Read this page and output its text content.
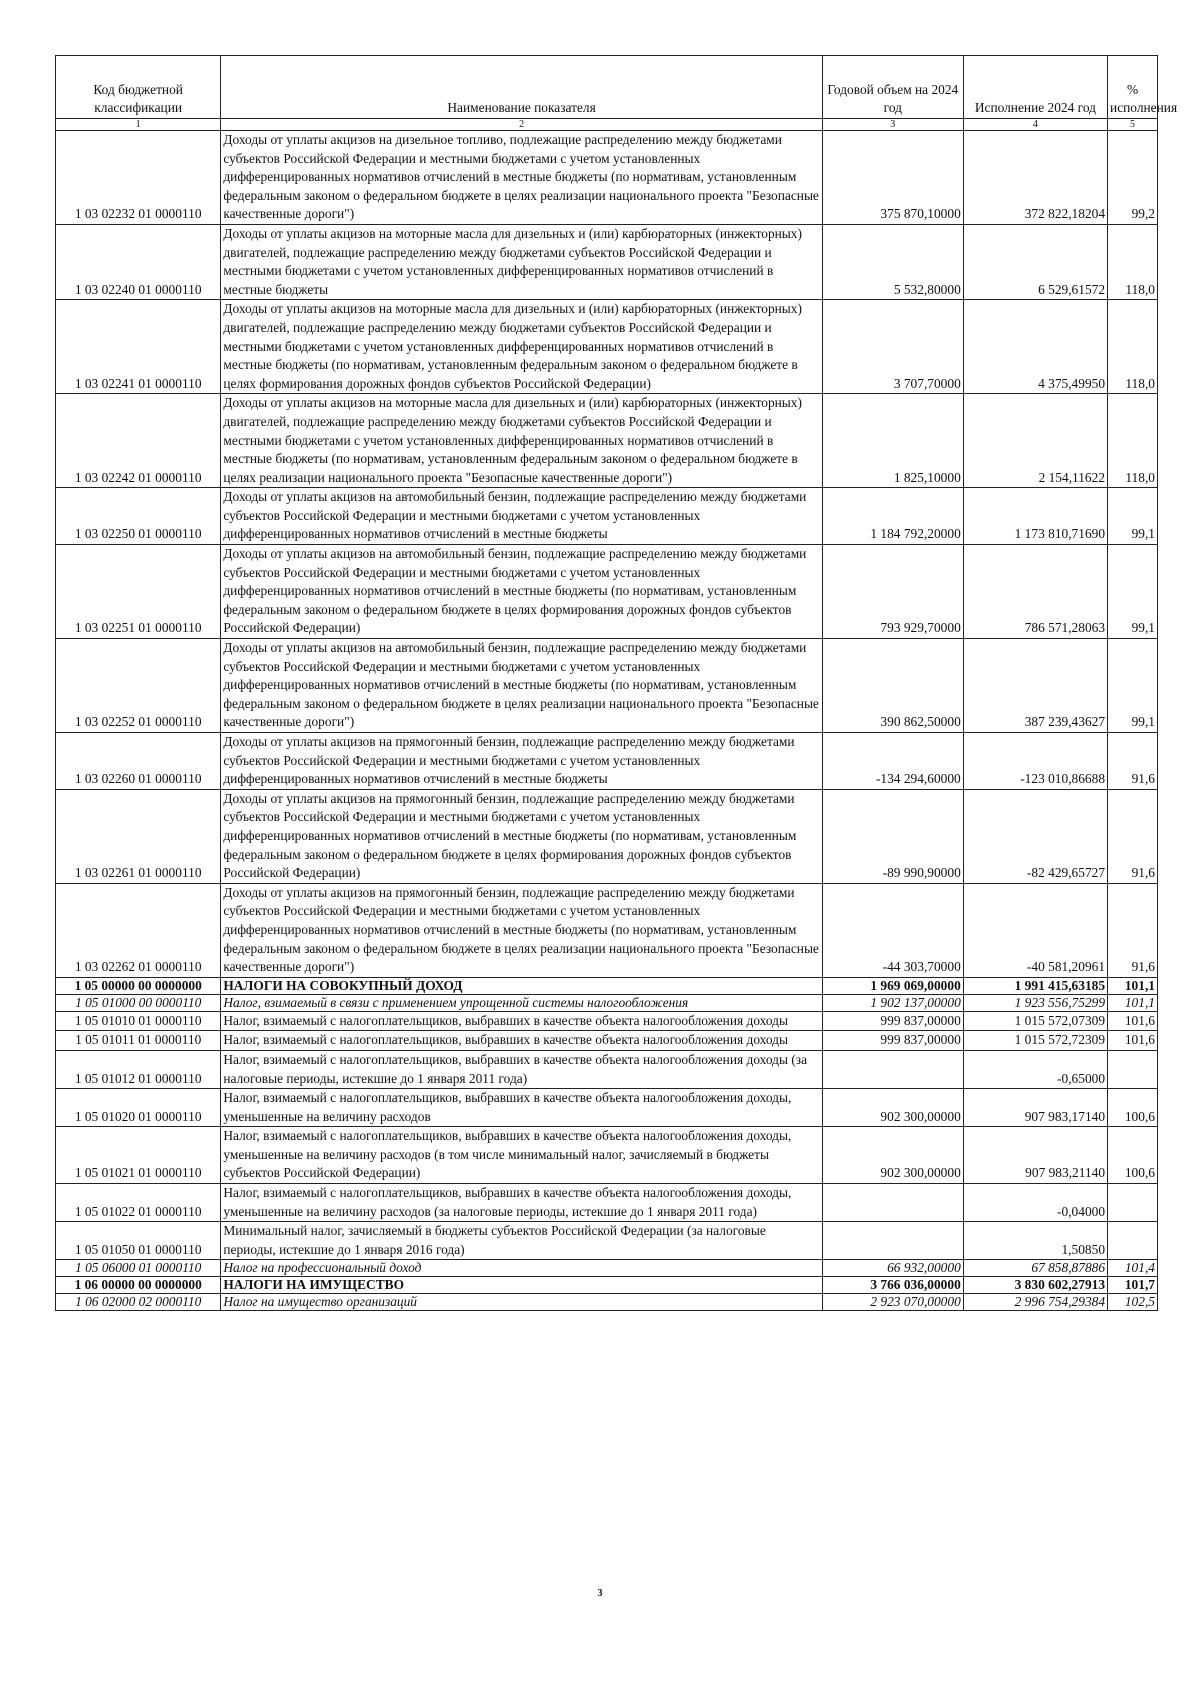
Код бюджетной классификации	Наименование показателя	Годовой объем на 2024 год	Исполнение 2024 год	% исполнения
1	2	3	4	5
1 03 02232 01 0000110	Доходы от уплаты акцизов на дизельное топливо, подлежащие распределению между бюджетами субъектов Российской Федерации и местными бюджетами с учетом установленных дифференцированных нормативов отчислений в местные бюджеты (по нормативам, установленным федеральным законом о федеральном бюджете в целях реализации национального проекта "Безопасные качественные дороги")	375 870,10000	372 822,18204	99,2
1 03 02240 01 0000110	Доходы от уплаты акцизов на моторные масла для дизельных и (или) карбюраторных (инжекторных) двигателей, подлежащие распределению между бюджетами субъектов Российской Федерации и местными бюджетами с учетом установленных дифференцированных нормативов отчислений в местные бюджеты	5 532,80000	6 529,61572	118,0
1 03 02241 01 0000110	Доходы от уплаты акцизов на моторные масла для дизельных и (или) карбюраторных (инжекторных) двигателей, подлежащие распределению между бюджетами субъектов Российской Федерации и местными бюджетами с учетом установленных дифференцированных нормативов отчислений в местные бюджеты (по нормативам, установленным федеральным законом о федеральном бюджете в целях формирования дорожных фондов субъектов Российской Федерации)	3 707,70000	4 375,49950	118,0
1 03 02242 01 0000110	Доходы от уплаты акцизов на моторные масла для дизельных и (или) карбюраторных (инжекторных) двигателей, подлежащие распределению между бюджетами субъектов Российской Федерации и местными бюджетами с учетом установленных дифференцированных нормативов отчислений в местные бюджеты (по нормативам, установленным федеральным законом о федеральном бюджете в целях реализации национального проекта "Безопасные качественные дороги")	1 825,10000	2 154,11622	118,0
1 03 02250 01 0000110	Доходы от уплаты акцизов на автомобильный бензин, подлежащие распределению между бюджетами субъектов Российской Федерации и местными бюджетами с учетом установленных дифференцированных нормативов отчислений в местные бюджеты	1 184 792,20000	1 173 810,71690	99,1
1 03 02251 01 0000110	Доходы от уплаты акцизов на автомобильный бензин, подлежащие распределению между бюджетами субъектов Российской Федерации и местными бюджетами с учетом установленных дифференцированных нормативов отчислений в местные бюджеты (по нормативам, установленным федеральным законом о федеральном бюджете в целях формирования дорожных фондов субъектов Российской Федерации)	793 929,70000	786 571,28063	99,1
1 03 02252 01 0000110	Доходы от уплаты акцизов на автомобильный бензин, подлежащие распределению между бюджетами субъектов Российской Федерации и местными бюджетами с учетом установленных дифференцированных нормативов отчислений в местные бюджеты (по нормативам, установленным федеральным законом о федеральном бюджете в целях реализации национального проекта "Безопасные качественные дороги")	390 862,50000	387 239,43627	99,1
1 03 02260 01 0000110	Доходы от уплаты акцизов на прямогонный бензин, подлежащие распределению между бюджетами субъектов Российской Федерации и местными бюджетами с учетом установленных дифференцированных нормативов отчислений в местные бюджеты	-134 294,60000	-123 010,86688	91,6
1 03 02261 01 0000110	Доходы от уплаты акцизов на прямогонный бензин, подлежащие распределению между бюджетами субъектов Российской Федерации и местными бюджетами с учетом установленных дифференцированных нормативов отчислений в местные бюджеты (по нормативам, установленным федеральным законом о федеральном бюджете в целях формирования дорожных фондов субъектов Российской Федерации)	-89 990,90000	-82 429,65727	91,6
1 03 02262 01 0000110	Доходы от уплаты акцизов на прямогонный бензин, подлежащие распределению между бюджетами субъектов Российской Федерации и местными бюджетами с учетом установленных дифференцированных нормативов отчислений в местные бюджеты (по нормативам, установленным федеральным законом о федеральном бюджете в целях реализации национального проекта "Безопасные качественные дороги")	-44 303,70000	-40 581,20961	91,6
1 05 00000 00 0000000	НАЛОГИ НА СОВОКУПНЫЙ ДОХОД	1 969 069,00000	1 991 415,63185	101,1
1 05 01000 00 0000110	Налог, взимаемый в связи с применением упрощенной системы налогообложения	1 902 137,00000	1 923 556,75299	101,1
1 05 01010 01 0000110	Налог, взимаемый с налогоплательщиков, выбравших в качестве объекта налогообложения доходы	999 837,00000	1 015 572,07309	101,6
1 05 01011 01 0000110	Налог, взимаемый с налогоплательщиков, выбравших в качестве объекта налогообложения доходы	999 837,00000	1 015 572,72309	101,6
1 05 01012 01 0000110	Налог, взимаемый с налогоплательщиков, выбравших в качестве объекта налогообложения доходы (за налоговые периоды, истекшие до 1 января 2011 года)		-0,65000	
1 05 01020 01 0000110	Налог, взимаемый с налогоплательщиков, выбравших в качестве объекта налогообложения доходы, уменьшенные на величину расходов	902 300,00000	907 983,17140	100,6
1 05 01021 01 0000110	Налог, взимаемый с налогоплательщиков, выбравших в качестве объекта налогообложения доходы, уменьшенные на величину расходов (в том числе минимальный налог, зачисляемый в бюджеты субъектов Российской Федерации)	902 300,00000	907 983,21140	100,6
1 05 01022 01 0000110	Налог, взимаемый с налогоплательщиков, выбравших в качестве объекта налогообложения доходы, уменьшенные на величину расходов (за налоговые периоды, истекшие до 1 января 2011 года)		-0,04000	
1 05 01050 01 0000110	Минимальный налог, зачисляемый в бюджеты субъектов Российской Федерации (за налоговые периоды, истекшие до 1 января 2016 года)		1,50850	
1 05 06000 01 0000110	Налог на профессиональный доход	66 932,00000	67 858,87886	101,4
1 06 00000 00 0000000	НАЛОГИ НА ИМУЩЕСТВО	3 766 036,00000	3 830 602,27913	101,7
1 06 02000 02 0000110	Налог на имущество организаций	2 923 070,00000	2 996 754,29384	102,5
3
